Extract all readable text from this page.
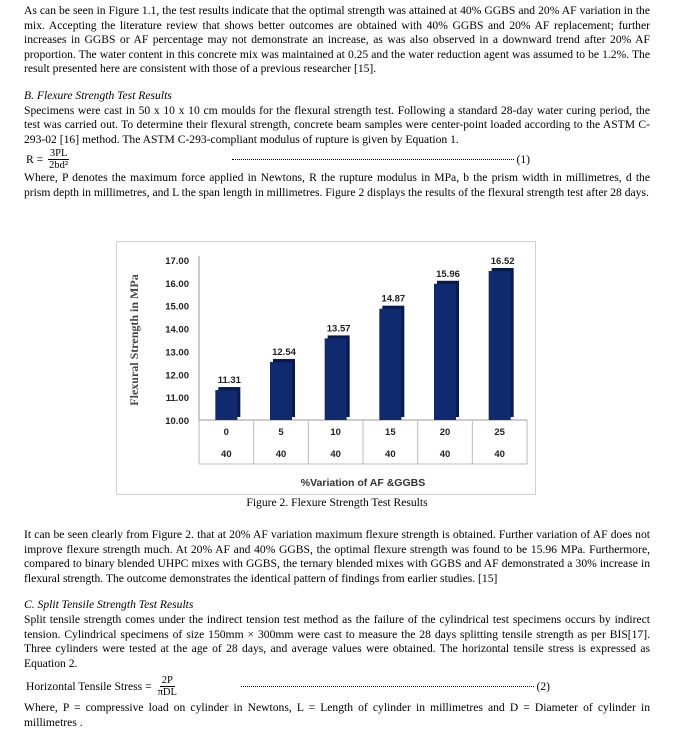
As can be seen in Figure 1.1, the test results indicate that the optimal strength was attained at 40% GGBS and 20% AF variation in the mix. Accepting the literature review that shows better outcomes are obtained with 40% GGBS and 20% AF replacement; further increases in GGBS or AF percentage may not demonstrate an increase, as was also observed in a downward trend after 20% AF proportion. The water content in this concrete mix was maintained at 0.25 and the water reduction agent was assumed to be 1.2%. The result presented here are consistent with those of a previous researcher [15].

B. Flexure Strength Test Results

Specimens were cast in 50 x 10 x 10 cm moulds for the flexural strength test. Following a standard 28-day water curing period, the test was carried out. To determine their flexural strength, concrete beam samples were center-point loaded according to the ASTM C-293-02 [16] method. The ASTM C-293-compliant modulus of rupture is given by Equation 1.

$R = \frac{3PL}{\text{2bd²}}$	(1)

Where, P denotes the maximum force applied in Newtons, R the rupture modulus in MPa, b the prism width in millimetres, d the prism depth in millimetres, and L the span length in millimetres. Figure 2 displays the results of the flexural strength test after 28 days.

10.00
11.00
12.00
13.00
14.00
15.00
16.00
17.00
Flexural Strength in MPa	11.31
0
40
12.54
5
40
13.57
10
40
14.87
15
40
15.96
20
40
16.52
25
40
%Variation of AF &GGBS
Figure 2. Flexure Strength Test Results

It can be seen clearly from Figure 2. that at 20% AF variation maximum flexure strength is obtained. Further variation of AF does not improve flexure strength much. At 20% AF and 40% GGBS, the optimal flexure strength was found to be 15.96 MPa. Furthermore, compared to binary blended UHPC mixes with GGBS, the ternary blended mixes with GGBS and AF demonstrated a 30% increase in flexural strength. The outcome demonstrates the identical pattern of findings from earlier studies. [15]

C. Split Tensile Strength Test Results

Split tensile strength comes under the indirect tension test method as the failure of the cylindrical test specimens occurs by indirect tension. Cylindrical specimens of size 150mm × 300mm were cast to measure the 28 days splitting tensile strength as per BIS[17]. Three cylinders were tested at the age of 28 days, and average values were obtained. The horizontal tensile stress is expressed as Equation 2.

Horizontal Tensile Stress = $\frac{2P}{\text{πDL}}$	(2)

Where, P = compressive load on cylinder in Newtons, L = Length of cylinder in millimetres and D = Diameter of cylinder in millimetres .
